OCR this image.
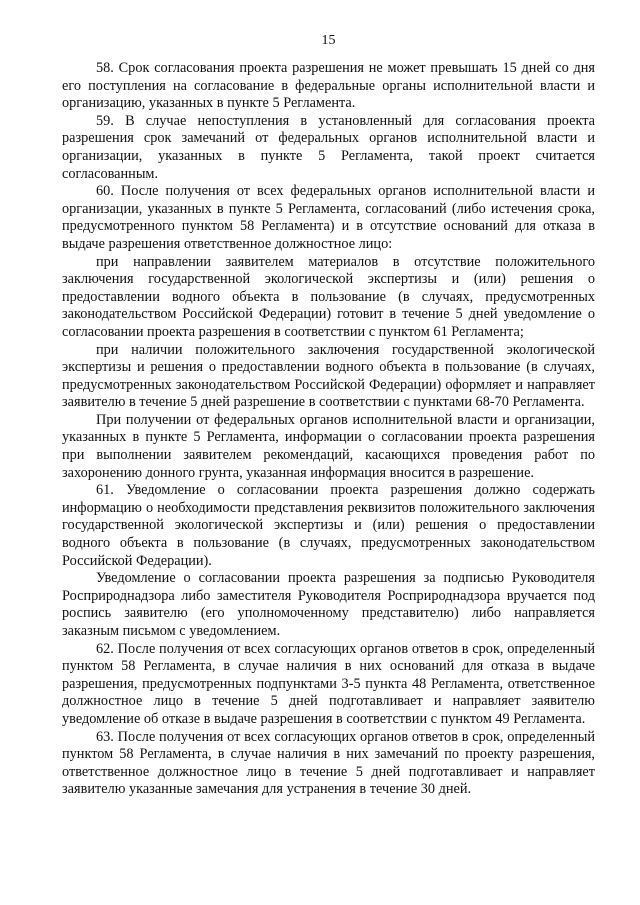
15

58. Срок согласования проекта разрешения не может превышать 15 дней со дня его поступления на согласование в федеральные органы исполнительной власти и организацию, указанных в пункте 5 Регламента.

59. В случае непоступления в установленный для согласования проекта разрешения срок замечаний от федеральных органов исполнительной власти и организации, указанных в пункте 5 Регламента, такой проект считается согласованным.

60. После получения от всех федеральных органов исполнительной власти и организации, указанных в пункте 5 Регламента, согласований (либо истечения срока, предусмотренного пунктом 58 Регламента) и в отсутствие оснований для отказа в выдаче разрешения ответственное должностное лицо:

при направлении заявителем материалов в отсутствие положительного заключения государственной экологической экспертизы и (или) решения о предоставлении водного объекта в пользование (в случаях, предусмотренных законодательством Российской Федерации) готовит в течение 5 дней уведомление о согласовании проекта разрешения в соответствии с пунктом 61 Регламента;

при наличии положительного заключения государственной экологической экспертизы и решения о предоставлении водного объекта в пользование (в случаях, предусмотренных законодательством Российской Федерации) оформляет и направляет заявителю в течение 5 дней разрешение в соответствии с пунктами 68-70 Регламента.

При получении от федеральных органов исполнительной власти и организации, указанных в пункте 5 Регламента, информации о согласовании проекта разрешения при выполнении заявителем рекомендаций, касающихся проведения работ по захоронению донного грунта, указанная информация вносится в разрешение.

61. Уведомление о согласовании проекта разрешения должно содержать информацию о необходимости представления реквизитов положительного заключения государственной экологической экспертизы и (или) решения о предоставлении водного объекта в пользование (в случаях, предусмотренных законодательством Российской Федерации).

Уведомление о согласовании проекта разрешения за подписью Руководителя Росприроднадзора либо заместителя Руководителя Росприроднадзора вручается под роспись заявителю (его уполномоченному представителю) либо направляется заказным письмом с уведомлением.

62. После получения от всех согласующих органов ответов в срок, определенный пунктом 58 Регламента, в случае наличия в них оснований для отказа в выдаче разрешения, предусмотренных подпунктами 3-5 пункта 48 Регламента, ответственное должностное лицо в течение 5 дней подготавливает и направляет заявителю уведомление об отказе в выдаче разрешения в соответствии с пунктом 49 Регламента.

63. После получения от всех согласующих органов ответов в срок, определенный пунктом 58 Регламента, в случае наличия в них замечаний по проекту разрешения, ответственное должностное лицо в течение 5 дней подготавливает и направляет заявителю указанные замечания для устранения в течение 30 дней.
